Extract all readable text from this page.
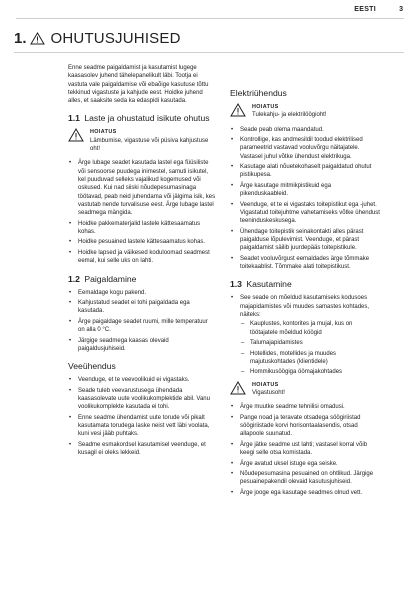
EESTI	3
1. OHUTUSJUHISED

Enne seadme paigaldamist ja kasutamist lugege kaasasolev juhend tähelepanelikult läbi. Tootja ei vastuta vale paigaldamise või ebaõige kasutuse tõttu tekkinud vigastuste ja kahjude eest. Hoidke juhend alles, et saaksite seda ka edaspidi kasutada.

1.1 Laste ja ohustatud isikute ohutus
HOIATUS
Lämbumise, vigastuse või püsiva kahjustuse oht!
• Ärge lubage seadet kasutada lastel ega füüsiliste või sensoorse puudega inimestel, samuti isikutel, kel puuduvad selleks vajalikud kogemused või oskused. Kui nad siiski nõudepesumasinaga töötavad, peab neid juhendama või jälgima isik, kes vastutab nende turvalisuse eest. Ärge lubage lastel seadmega mängida.
• Hoidke pakkematerjalid lastele kättesaamatus kohas.
• Hoidke pesuained lastele kättesaamatus kohas.
• Hoidke lapsed ja väikesed koduloomad seadmest eemal, kui selle uks on lahti.
1.2 Paigaldamine
• Eemaldage kogu pakend.
• Kahjustatud seadet ei tohi paigaldada ega kasutada.
• Ärge paigaldage seadet ruumi, mille temperatuur on alla 0 °C.
• Järgige seadmega kaasas olevaid paigaldusjuhiseid.
Veeühendus
• Veenduge, et te veevoolikuid ei vigastaks.
• Seade tuleb veevarustusega ühendada kaasasolevate uute voolikukomplektide abil. Vanu voolikukomplekte kasutada ei tohi.
• Enne seadme ühendamist uute torude või pikalt kasutamata torudega laske neist vett läbi voolata, kuni vesi jääb puhtaks.
• Seadme esmakordsel kasutamisel veenduge, et kusagil ei oleks lekkeid.
Elektriühendus
HOIATUS
Tulekahju- ja elektrilöögioht!
• Seade peab olema maandatud.
• Kontrollige, kas andmesildil toodud elektrilised parameetrid vastavad vooluvõrgu näitajatele. Vastasel juhul võtke ühendust elektrikuga.
• Kasutage alati nõuetekohaselt paigaldatud ohutut pistikupesa.
• Ärge kasutage mitmikpistikuid ega pikenduskaableid.
• Veenduge, et te ei vigastaks toitepistikut ega -juhet. Vigastatud toitejuhtme vahetamiseks võtke ühendust teeninduskeskusega.
• Ühendage toitepistik seinakontakti alles pärast paigalduse lõpulevimist. Veenduge, et pärast paigaldamist säilib juurdepääs toitepistikule.
• Seadet vooluvõrgust eemaldades ärge tõmmake toitekaablist. Tõmmake alati toitepistikust.
1.3 Kasutamine
• See seade on mõeldud kasutamiseks kodusoes majapidamistes või muudes samastes kohtades, näiteks:
– Kauplustes, kontorites ja mujal, kus on töötajatele mõeldud köögid
– Talumajapidamistes
– Hotellides, motellides ja muudes majutuskohtades (klientidele)
– Hommikusöögiga öömajakohtades
HOIATUS
Vigastusoht!
• Ärge muutke seadme tehnilisi omadusi.
• Pange noad ja teravate otsadega söögiriistad söögiriistade korvi horisontaalasendis, otsad allapoole suunatud.
• Ärge jätke seadme ust lahti; vastasel korral võib keegi selle otsa komistada.
• Ärge avatud uksel istuge ega seiske.
• Nõudepesumasina pesuained on ohtlikud. Järgige pesuainepakendil olevaid kasutusjuhiseid.
• Ärge jooge ega kasutage seadmes olnud vett.
